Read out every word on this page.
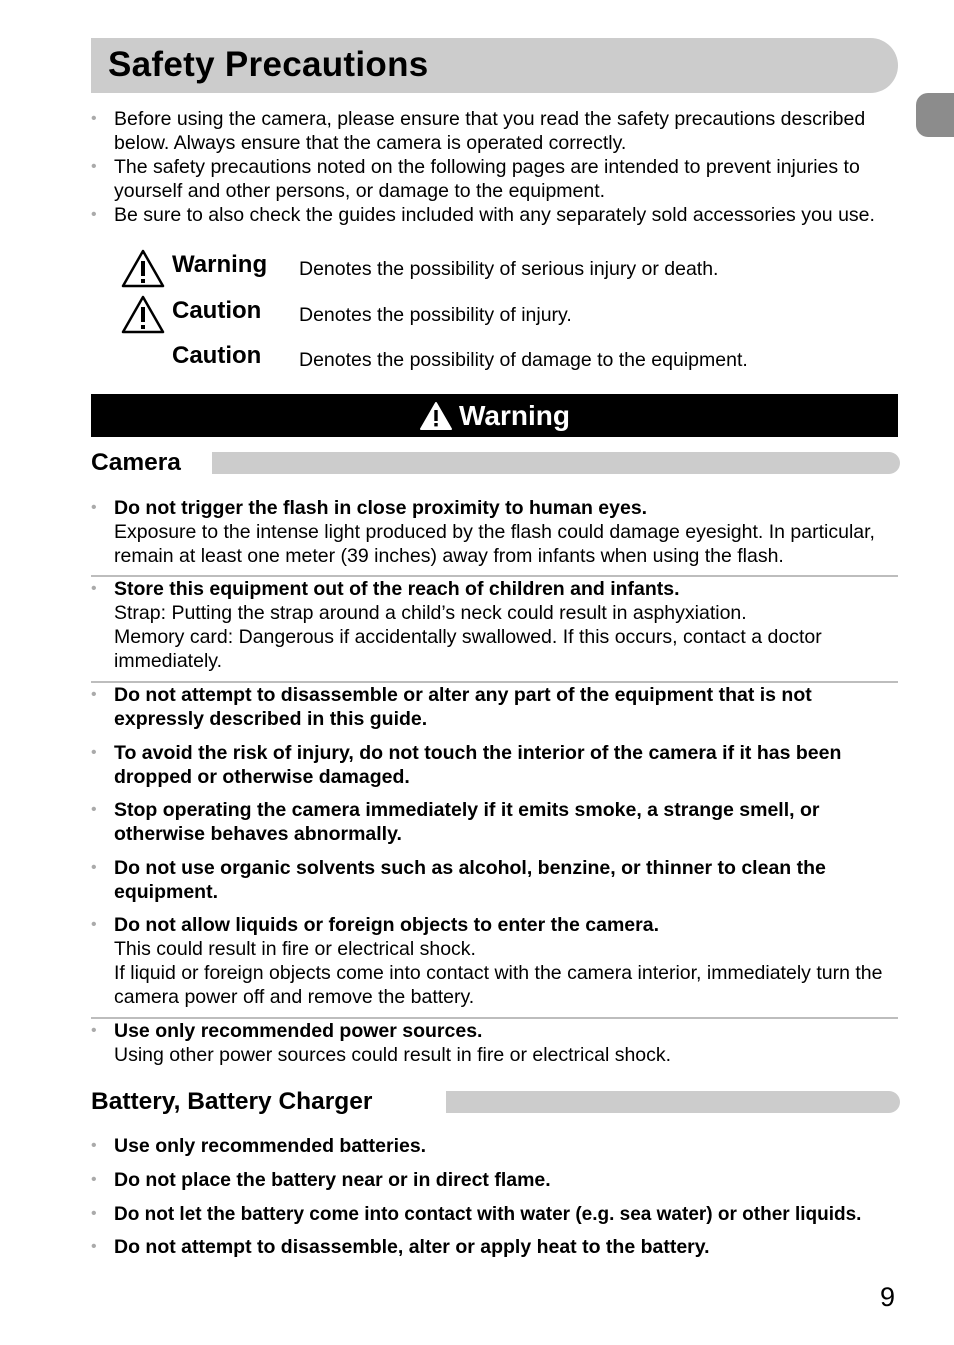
Safety Precautions
• Before using the camera, please ensure that you read the safety precautions described below. Always ensure that the camera is operated correctly.
• The safety precautions noted on the following pages are intended to prevent injuries to yourself and other persons, or damage to the equipment.
• Be sure to also check the guides included with any separately sold accessories you use.
Warning Denotes the possibility of serious injury or death.
Caution Denotes the possibility of injury.
Caution Denotes the possibility of damage to the equipment.
Warning
Camera
• Do not trigger the flash in close proximity to human eyes.
Exposure to the intense light produced by the flash could damage eyesight. In particular, remain at least one meter (39 inches) away from infants when using the flash.
• Store this equipment out of the reach of children and infants.
Strap: Putting the strap around a child’s neck could result in asphyxiation.
Memory card: Dangerous if accidentally swallowed. If this occurs, contact a doctor immediately.
• Do not attempt to disassemble or alter any part of the equipment that is not expressly described in this guide.
• To avoid the risk of injury, do not touch the interior of the camera if it has been dropped or otherwise damaged.
• Stop operating the camera immediately if it emits smoke, a strange smell, or otherwise behaves abnormally.
• Do not use organic solvents such as alcohol, benzine, or thinner to clean the equipment.
• Do not allow liquids or foreign objects to enter the camera.
This could result in fire or electrical shock.
If liquid or foreign objects come into contact with the camera interior, immediately turn the camera power off and remove the battery.
• Use only recommended power sources.
Using other power sources could result in fire or electrical shock.
Battery, Battery Charger
• Use only recommended batteries.
• Do not place the battery near or in direct flame.
• Do not let the battery come into contact with water (e.g. sea water) or other liquids.
• Do not attempt to disassemble, alter or apply heat to the battery.
9
